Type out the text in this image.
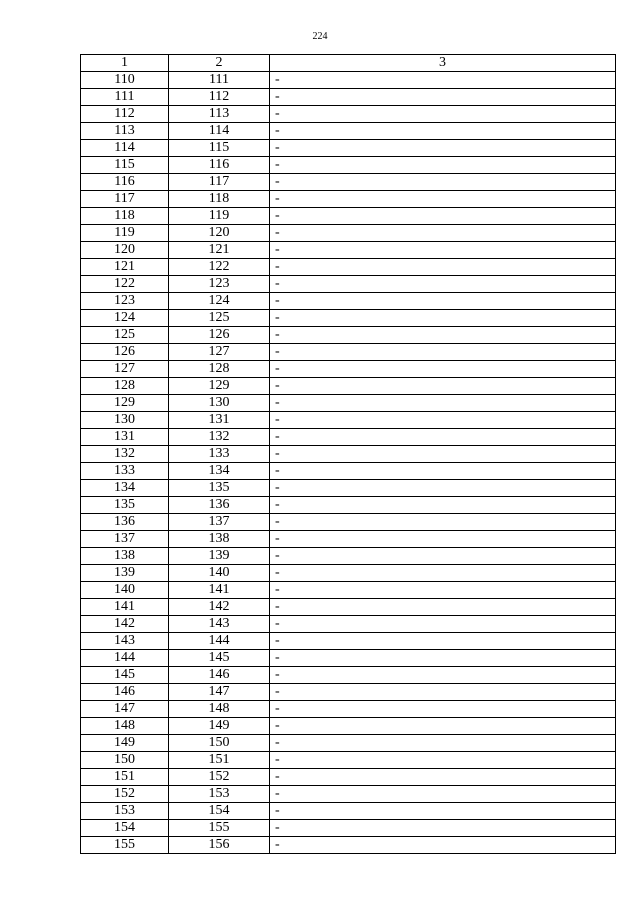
224
1	2	3
110	111	-
111	112	-
112	113	-
113	114	-
114	115	-
115	116	-
116	117	-
117	118	-
118	119	-
119	120	-
120	121	-
121	122	-
122	123	-
123	124	-
124	125	-
125	126	-
126	127	-
127	128	-
128	129	-
129	130	-
130	131	-
131	132	-
132	133	-
133	134	-
134	135	-
135	136	-
136	137	-
137	138	-
138	139	-
139	140	-
140	141	-
141	142	-
142	143	-
143	144	-
144	145	-
145	146	-
146	147	-
147	148	-
148	149	-
149	150	-
150	151	-
151	152	-
152	153	-
153	154	-
154	155	-
155	156	-
